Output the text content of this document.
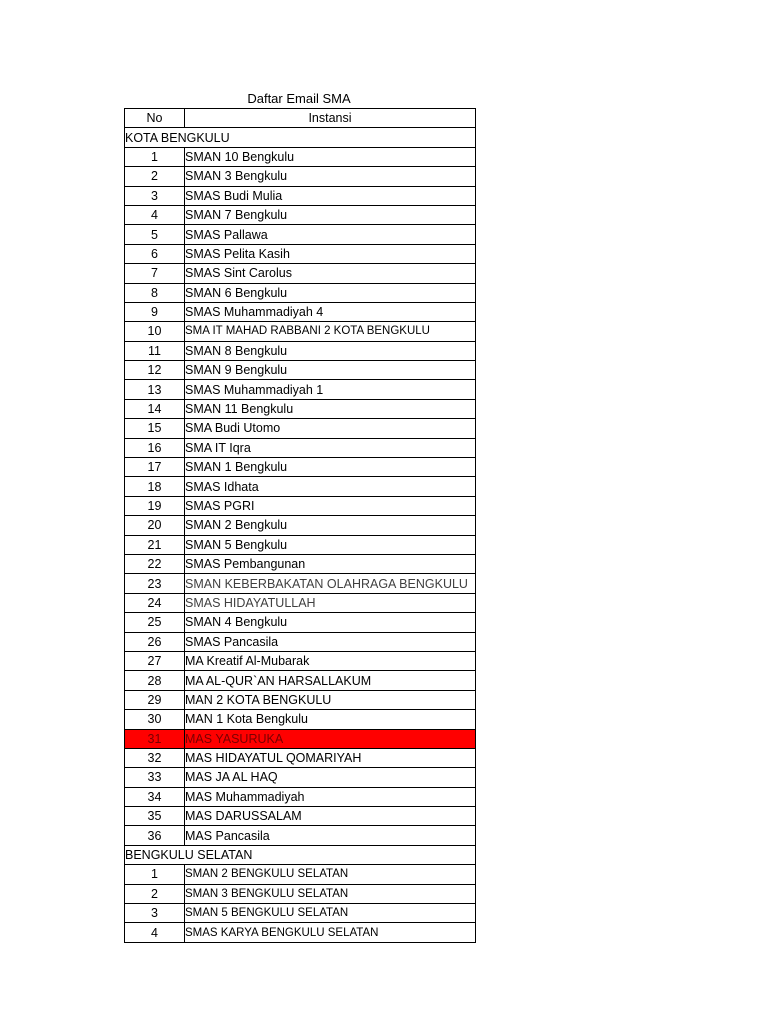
Daftar Email SMA
No	Instansi
KOTA BENGKULU	
1	SMAN 10 Bengkulu
2	SMAN 3 Bengkulu
3	SMAS Budi Mulia
4	SMAN 7 Bengkulu
5	SMAS Pallawa
6	SMAS Pelita Kasih
7	SMAS Sint Carolus
8	SMAN 6 Bengkulu
9	SMAS Muhammadiyah 4
10	SMA IT MAHAD RABBANI 2 KOTA BENGKULU
11	SMAN 8 Bengkulu
12	SMAN 9 Bengkulu
13	SMAS Muhammadiyah 1
14	SMAN 11 Bengkulu
15	SMA Budi Utomo
16	SMA IT Iqra
17	SMAN 1 Bengkulu
18	SMAS Idhata
19	SMAS PGRI
20	SMAN 2 Bengkulu
21	SMAN 5 Bengkulu
22	SMAS Pembangunan
23	SMAN KEBERBAKATAN OLAHRAGA BENGKULU
24	SMAS HIDAYATULLAH
25	SMAN 4 Bengkulu
26	SMAS Pancasila
27	MA Kreatif Al-Mubarak
28	MA AL-QUR`AN HARSALLAKUM
29	MAN 2 KOTA BENGKULU
30	MAN 1 Kota Bengkulu
31	MAS YASURUKA
32	MAS HIDAYATUL QOMARIYAH
33	MAS JA AL HAQ
34	MAS Muhammadiyah
35	MAS DARUSSALAM
36	MAS Pancasila
BENGKULU SELATAN	
1	SMAN 2 BENGKULU SELATAN
2	SMAN 3 BENGKULU SELATAN
3	SMAN 5 BENGKULU SELATAN
4	SMAS KARYA BENGKULU SELATAN
